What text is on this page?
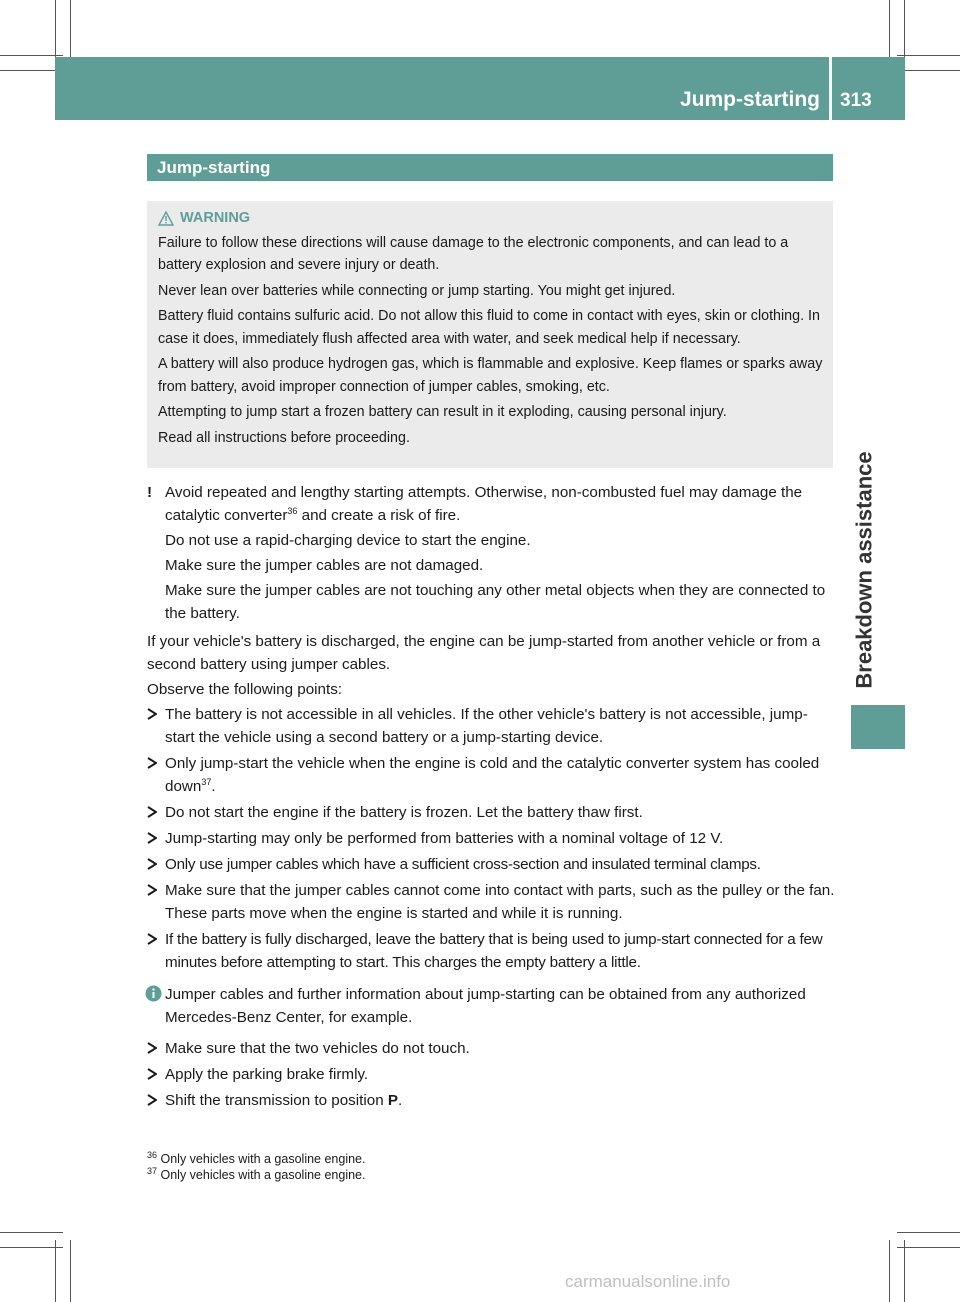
Jump-starting 313
Breakdown assistance
Jump-starting
WARNING

Failure to follow these directions will cause damage to the electronic components, and can lead to a battery explosion and severe injury or death.

Never lean over batteries while connecting or jump starting. You might get injured.

Battery fluid contains sulfuric acid. Do not allow this fluid to come in contact with eyes, skin or clothing. In case it does, immediately flush affected area with water, and seek medical help if necessary.

A battery will also produce hydrogen gas, which is flammable and explosive. Keep flames or sparks away from battery, avoid improper connection of jumper cables, smoking, etc.

Attempting to jump start a frozen battery can result in it exploding, causing personal injury.

Read all instructions before proceeding.

! Avoid repeated and lengthy starting attempts. Otherwise, non-combusted fuel may damage the catalytic converter$^{36}$ and create a risk of fire.

Do not use a rapid-charging device to start the engine.

Make sure the jumper cables are not damaged.

Make sure the jumper cables are not touching any other metal objects when they are connected to the battery.

If your vehicle's battery is discharged, the engine can be jump-started from another vehicle or from a second battery using jumper cables.

Observe the following points:

The battery is not accessible in all vehicles. If the other vehicle's battery is not accessible, jump-start the vehicle using a second battery or a jump-starting device.

Only jump-start the vehicle when the engine is cold and the catalytic converter system has cooled down$^{37}$.

Do not start the engine if the battery is frozen. Let the battery thaw first.

Jump-starting may only be performed from batteries with a nominal voltage of 12 V.

Only use jumper cables which have a sufficient cross-section and insulated terminal clamps.

Make sure that the jumper cables cannot come into contact with parts, such as the pulley or the fan. These parts move when the engine is started and while it is running.

If the battery is fully discharged, leave the battery that is being used to jump-start connected for a few minutes before attempting to start. This charges the empty battery a little.

Jumper cables and further information about jump-starting can be obtained from any authorized Mercedes-Benz Center, for example.

Make sure that the two vehicles do not touch.

Apply the parking brake firmly.

Shift the transmission to position P.

$^{36}$ Only vehicles with a gasoline engine.
$^{37}$ Only vehicles with a gasoline engine.
carmanualsonline.info
